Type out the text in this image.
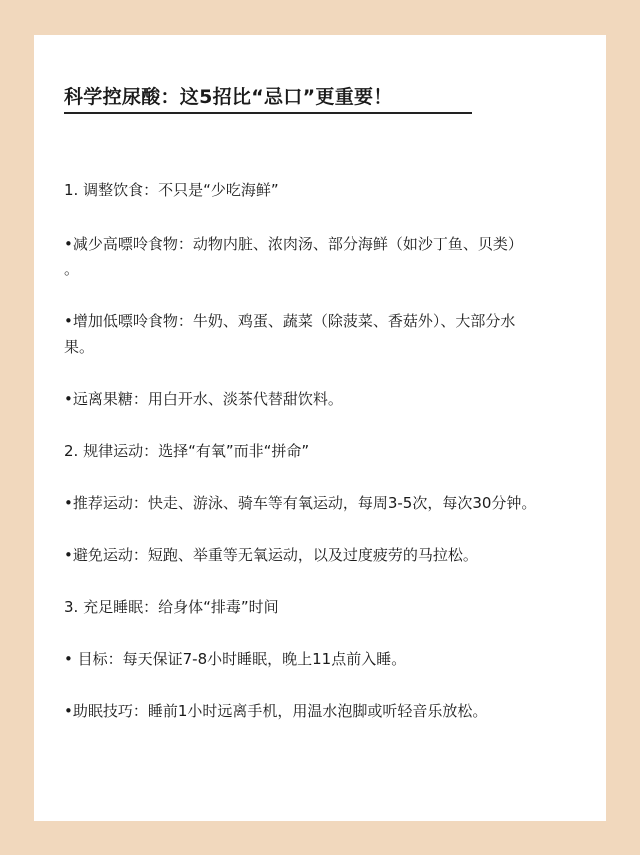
科学控尿酸：这5招比“忌口”更重要！
1. 调整饮食：不只是“少吃海鲜”
•减少高嘌呤食物：动物内脏、浓肉汤、部分海鲜（如沙丁鱼、贝类）
。
•增加低嘌呤食物：牛奶、鸡蛋、蔬菜（除菠菜、香菇外）、大部分水
果。
•远离果糖：用白开水、淡茶代替甜饮料。
2. 规律运动：选择“有氧”而非“拼命”
•推荐运动：快走、游泳、骑车等有氧运动，每周3-5次，每次30分钟。
•避免运动：短跑、举重等无氧运动，以及过度疲劳的马拉松。
3. 充足睡眠：给身体“排毒”时间
• 目标：每天保证7-8小时睡眠，晚上11点前入睡。
•助眠技巧：睡前1小时远离手机，用温水泡脚或听轻音乐放松。
